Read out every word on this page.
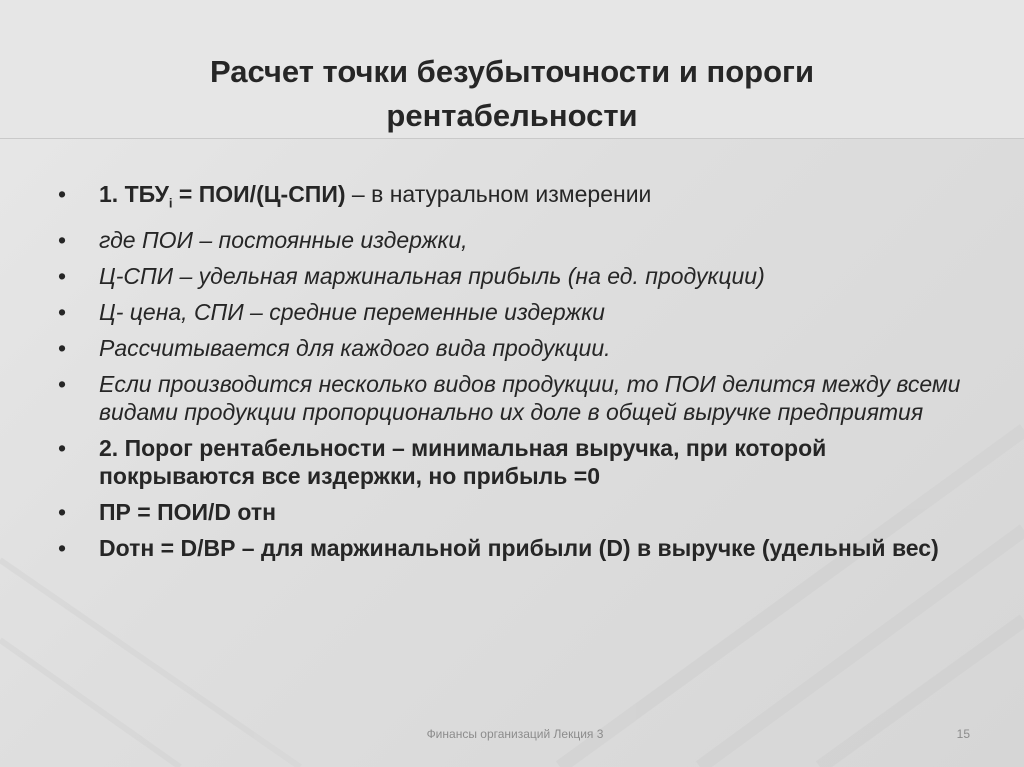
Расчет точки безубыточности и пороги рентабельности
• 1. $ТБУ_i = ПОИ/(Ц-СПИ) - в$ натуральном измерении
• где ПОИ – постоянные издержки,
• Ц-СПИ – удельная маржинальная прибыль (на ед. продукции)
• Ц- цена, СПИ – средние переменные издержки
• Рассчитывается для каждого вида продукции.
• Если производится несколько видов продукции, то ПОИ делится между всеми видами продукции пропорционально их доле в общей выручке предприятия
• 2. Порог рентабельности – минимальная выручка, при которой покрываются все издержки, но прибыль =0
• ПР = ПОИ/D отн
• Dотн = D/ВР – для маржинальной прибыли (D) в выручке (удельный вес)
Финансы организаций Лекция 3	15
